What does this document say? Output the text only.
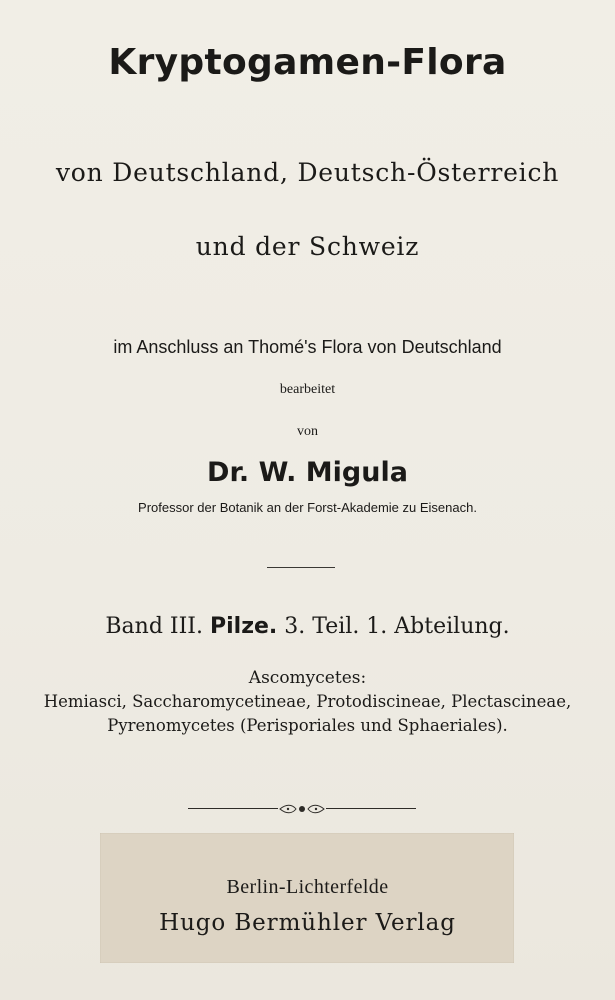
Kryptogamen-Flora
von Deutschland, Deutsch-Österreich
und der Schweiz
im Anschluss an Thomé's Flora von Deutschland
bearbeitet
von
Dr. W. Migula
Professor der Botanik an der Forst-Akademie zu Eisenach.
Band III. Pilze. 3. Teil. 1. Abteilung.
Ascomycetes:
Hemiasci, Saccharomycetineae, Protodiscineae, Plectascineae,
Pyrenomycetes (Perisporiales und Sphaeriales).
Berlin-Lichterfelde
Hugo Bermühler Verlag
